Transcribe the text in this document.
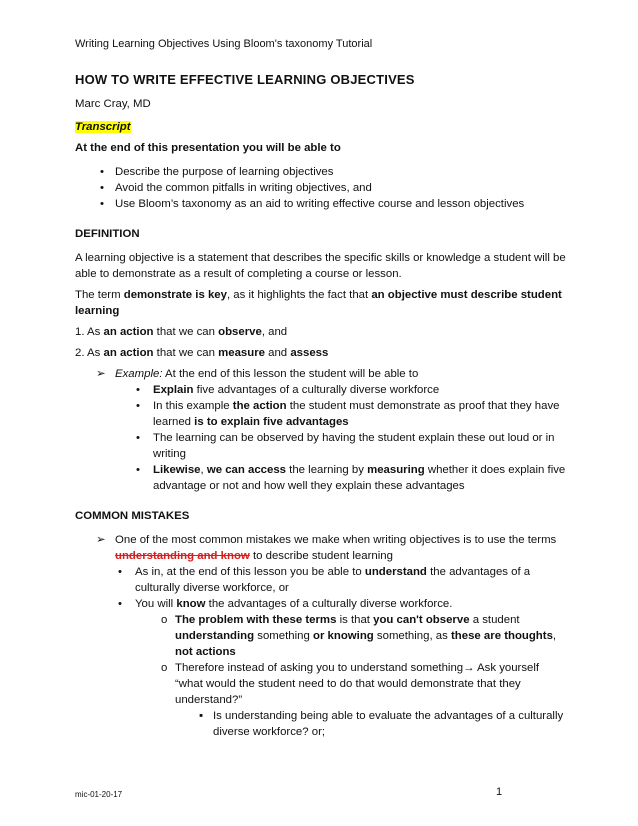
Writing Learning Objectives Using Bloom's taxonomy Tutorial
HOW TO WRITE EFFECTIVE LEARNING OBJECTIVES

Marc Cray, MD

Transcript

At the end of this presentation you will be able to

• Describe the purpose of learning objectives
• Avoid the common pitfalls in writing objectives, and
• Use Bloom’s taxonomy as an aid to writing effective course and lesson objectives

DEFINITION

A learning objective is a statement that describes the specific skills or knowledge a student will be able to demonstrate as a result of completing a course or lesson.

The term demonstrate is key, as it highlights the fact that an objective must describe student learning

1. As an action that we can observe, and

2. As an action that we can measure and assess

➢ Example: At the end of this lesson the student will be able to
• Explain five advantages of a culturally diverse workforce
• In this example the action the student must demonstrate as proof that they have learned is to explain five advantages
• The learning can be observed by having the student explain these out loud or in writing
• Likewise, we can access the learning by measuring whether it does explain five advantage or not and how well they explain these advantages

COMMON MISTAKES

➢ One of the most common mistakes we make when writing objectives is to use the terms understanding and know to describe student learning
• As in, at the end of this lesson you be able to understand the advantages of a culturally diverse workforce, or
• You will know the advantages of a culturally diverse workforce.
o The problem with these terms is that you can't observe a student understanding something or knowing something, as these are thoughts, not actions
o Therefore instead of asking you to understand something→ Ask yourself “what would the student need to do that would demonstrate that they understand?”
▪ Is understanding being able to evaluate the advantages of a culturally diverse workforce? or;
mic-01-20-17	1
